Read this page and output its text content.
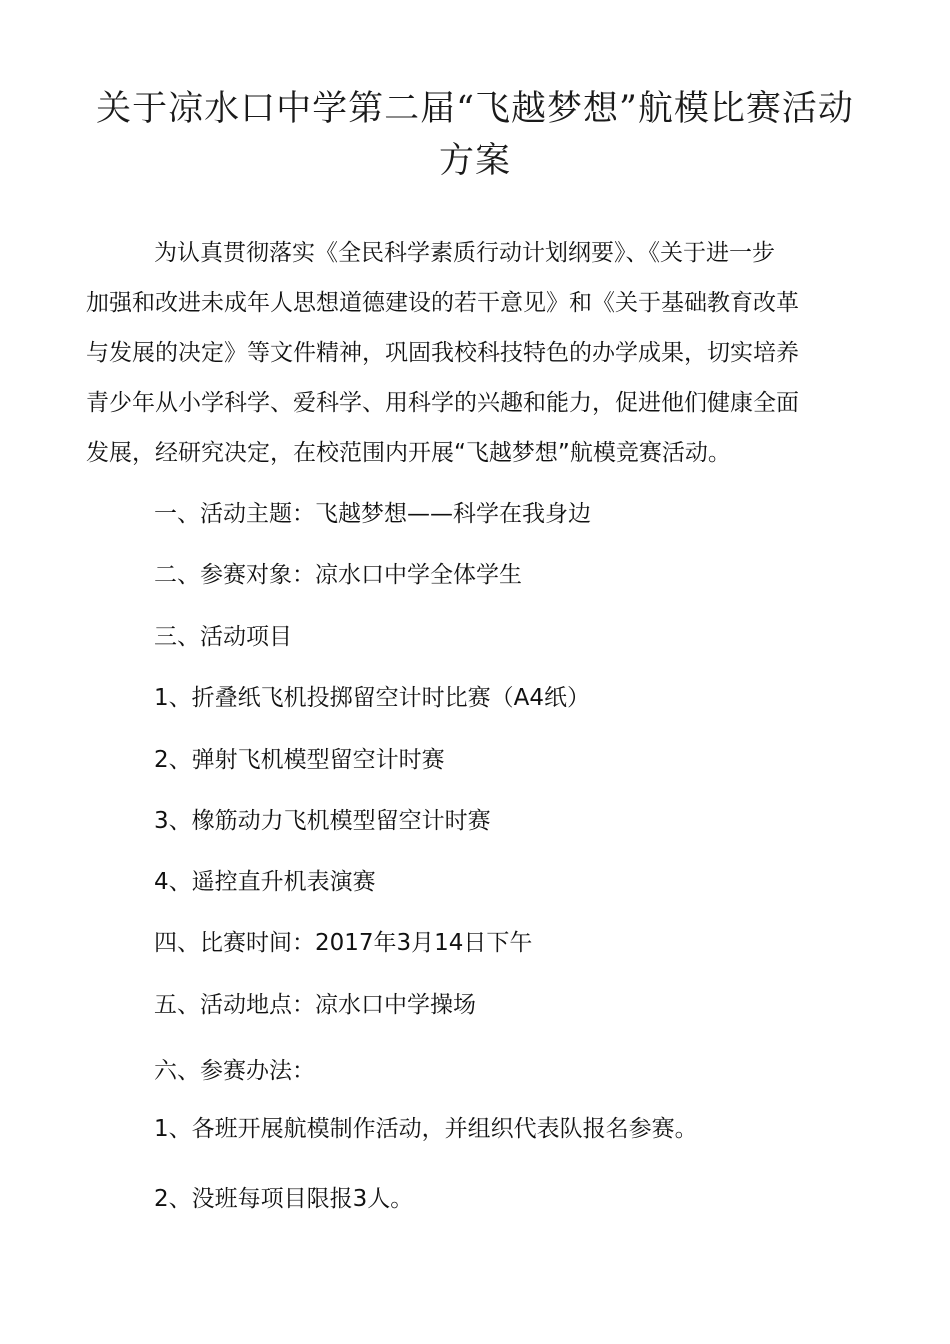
关于凉水口中学第二届“飞越梦想”航模比赛活动
方案
为认真贯彻落实《全民科学素质行动计划纲要》、《关于进一步
加强和改进未成年人思想道德建设的若干意见》和《关于基础教育改革
与发展的决定》等文件精神，巩固我校科技特色的办学成果，切实培养
青少年从小学科学、爱科学、用科学的兴趣和能力，促进他们健康全面
发展，经研究决定，在校范围内开展“飞越梦想”航模竞赛活动。
一、活动主题：飞越梦想——科学在我身边
二、参赛对象：凉水口中学全体学生
三、活动项目
1、折叠纸飞机投掷留空计时比赛（A4纸）
2、弹射飞机模型留空计时赛
3、橡筋动力飞机模型留空计时赛
4、遥控直升机表演赛
四、比赛时间：2017年3月14日下午
五、活动地点：凉水口中学操场
六、参赛办法：
1、各班开展航模制作活动，并组织代表队报名参赛。
2、没班每项目限报3人。
